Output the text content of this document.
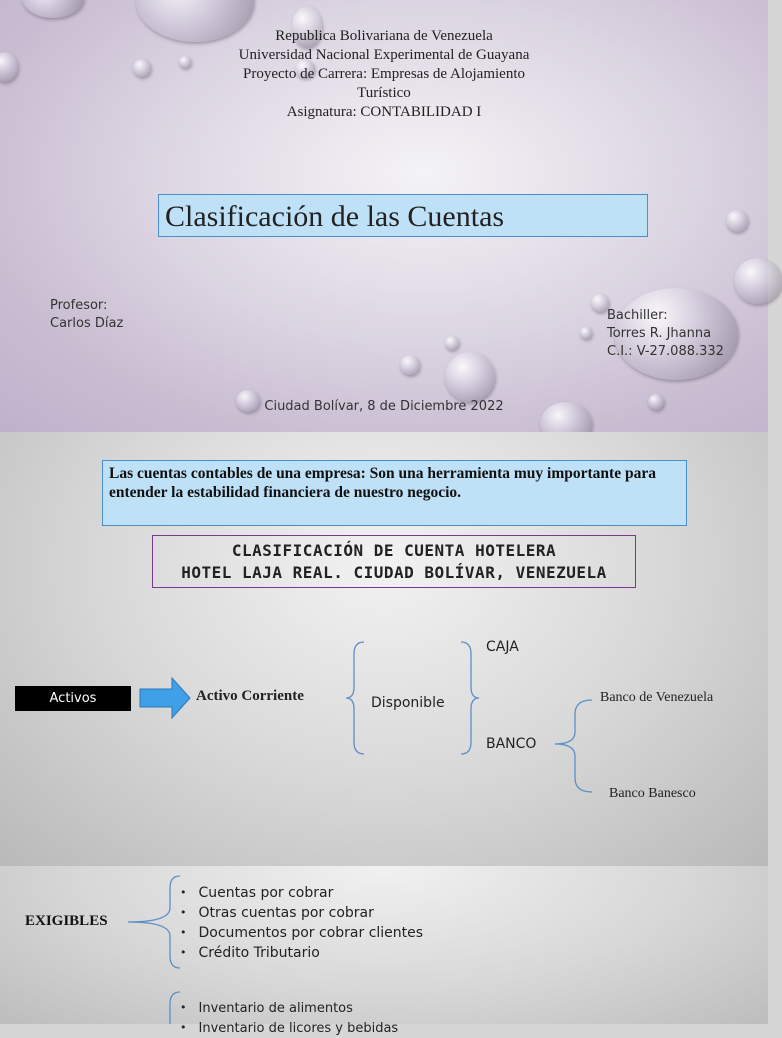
Republica Bolivariana de Venezuela
Universidad Nacional Experimental de Guayana
Proyecto de Carrera: Empresas de Alojamiento
Turístico
Asignatura: CONTABILIDAD I
Clasificación de las Cuentas
Profesor:
Carlos Díaz
Bachiller:
Torres R. Jhanna
C.I.: V-27.088.332
Ciudad Bolívar, 8 de Diciembre 2022
Las cuentas contables de una empresa: Son una herramienta muy importante para entender la estabilidad financiera de nuestro negocio.
CLASIFICACIÓN DE CUENTA HOTELERA
HOTEL LAJA REAL. CIUDAD BOLÍVAR, VENEZUELA
Activos	Activo Corriente	Disponible
CAJA
BANCO
Banco de Venezuela
Banco Banesco
EXIGIBLES
• Cuentas por cobrar
• Otras cuentas por cobrar
• Documentos por cobrar clientes
• Crédito Tributario
• Inventario de alimentos
• Inventario de licores y bebidas
